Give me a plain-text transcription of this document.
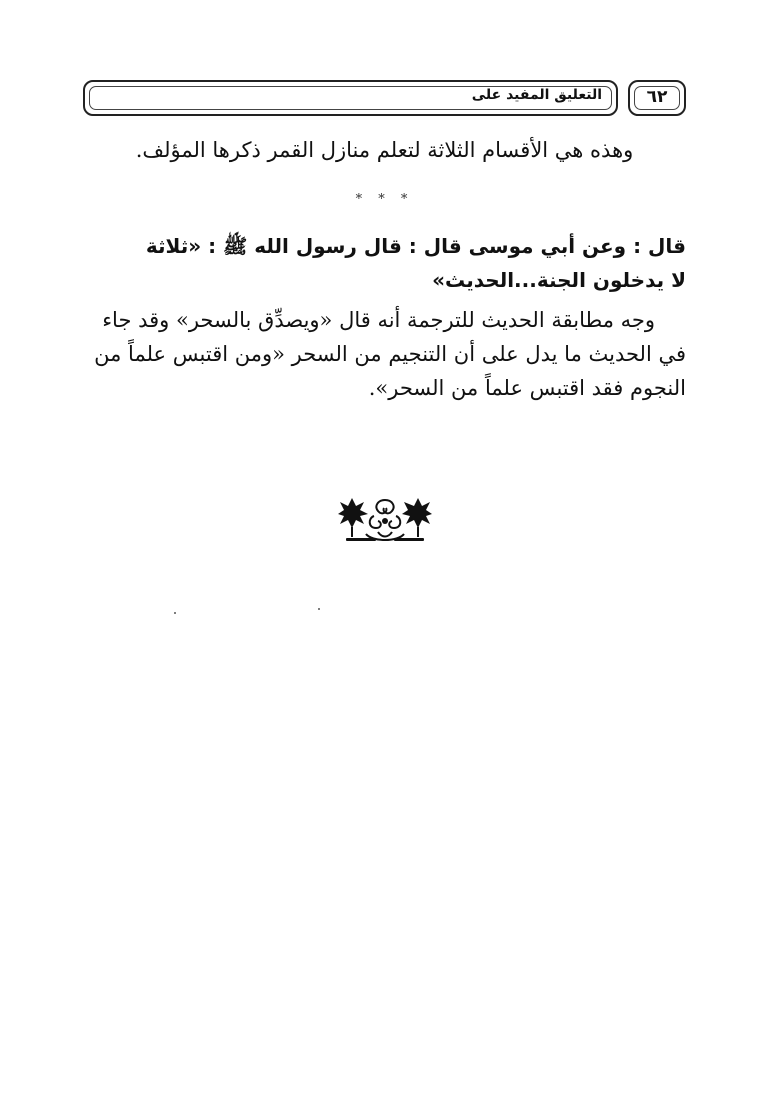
التعليق المفيد على	٦٢
وهذه هي الأقسام الثلاثة لتعلم منازل القمر ذكرها المؤلف.
* * *
قال : وعن أبي موسى قال : قال رسول الله ﷺ : «ثلاثة
لا يدخلون الجنة...الحديث»
وجه مطابقة الحديث للترجمة أنه قال «ويصدِّق بالسحر» وقد جاء
في الحديث ما يدل على أن التنجيم من السحر «ومن اقتبس علماً من
النجوم فقد اقتبس علماً من السحر».
